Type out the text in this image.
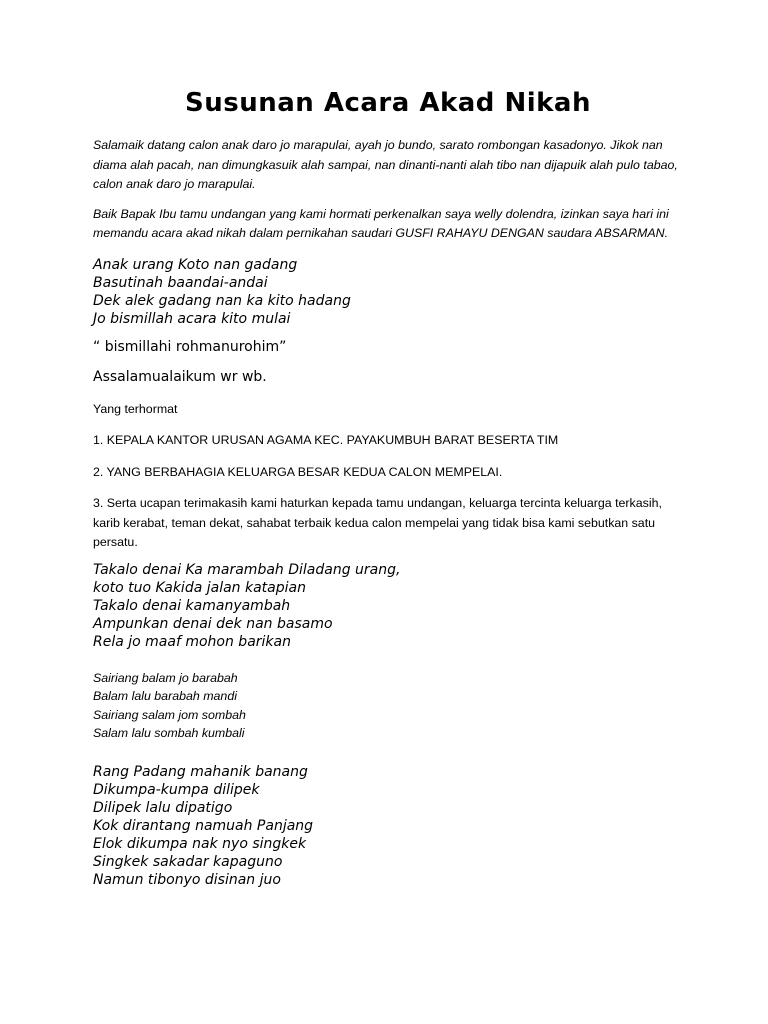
Susunan Acara Akad Nikah

Salamaik datang calon anak daro jo marapulai, ayah jo bundo, sarato rombongan kasadonyo. Jikok nan diama alah pacah, nan dimungkasuik alah sampai, nan dinanti-nanti alah tibo nan dijapuik alah pulo tabao, calon anak daro jo marapulai.

Baik Bapak Ibu tamu undangan yang kami hormati perkenalkan saya welly dolendra, izinkan saya hari ini memandu acara akad nikah dalam pernikahan saudari GUSFI RAHAYU DENGAN saudara ABSARMAN.

Anak urang Koto nan gadang
Basutinah baandai-andai
Dek alek gadang nan ka kito hadang
Jo bismillah acara kito mulai

“ bismillahi rohmanurohim”

Assalamualaikum wr wb.

Yang terhormat

1. KEPALA KANTOR URUSAN AGAMA KEC. PAYAKUMBUH BARAT BESERTA TIM

2. YANG BERBAHAGIA KELUARGA BESAR KEDUA CALON MEMPELAI.

3. Serta ucapan terimakasih kami haturkan kepada tamu undangan, keluarga tercinta keluarga terkasih, karib kerabat, teman dekat, sahabat terbaik kedua calon mempelai yang tidak bisa kami sebutkan satu persatu.

Takalo denai Ka marambah Diladang urang,
koto tuo Kakida jalan katapian
Takalo denai kamanyambah
Ampunkan denai dek nan basamo
Rela jo maaf mohon barikan
Sairiang balam jo barabah
Balam lalu barabah mandi
Sairiang salam jom sombah
Salam lalu sombah kumbali
Rang Padang mahanik banang
Dikumpa-kumpa dilipek
Dilipek lalu dipatigo
Kok dirantang namuah Panjang
Elok dikumpa nak nyo singkek
Singkek sakadar kapaguno
Namun tibonyo disinan juo
